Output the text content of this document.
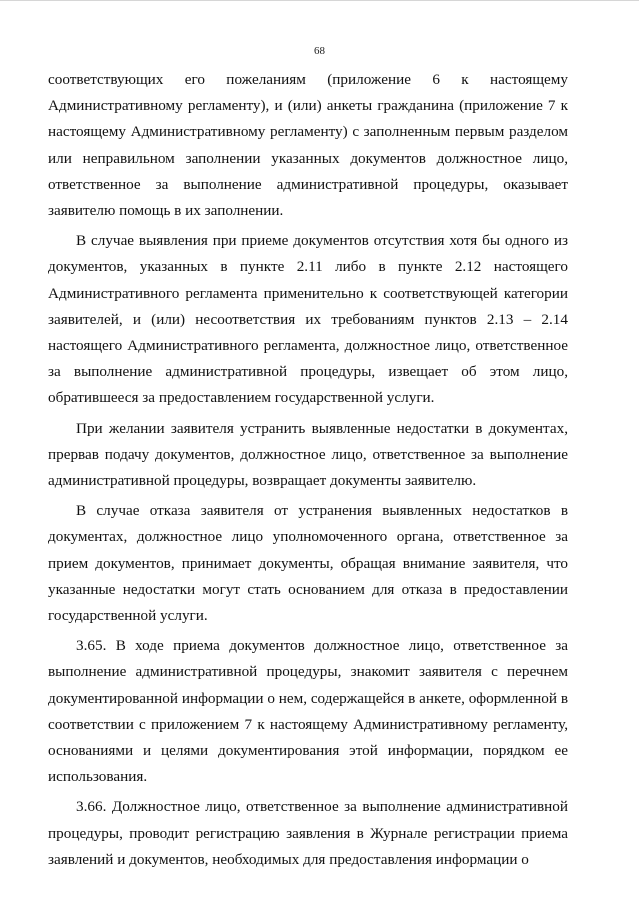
68

соответствующих его пожеланиям (приложение 6 к настоящему Административному регламенту), и (или) анкеты гражданина (приложение 7 к настоящему Административному регламенту) с заполненным первым разделом или неправильном заполнении указанных документов должностное лицо, ответственное за выполнение административной процедуры, оказывает заявителю помощь в их заполнении.

В случае выявления при приеме документов отсутствия хотя бы одного из документов, указанных в пункте 2.11 либо в пункте 2.12 настоящего Административного регламента применительно к соответствующей категории заявителей, и (или) несоответствия их требованиям пунктов 2.13 – 2.14 настоящего Административного регламента, должностное лицо, ответственное за выполнение административной процедуры, извещает об этом лицо, обратившееся за предоставлением государственной услуги.

При желании заявителя устранить выявленные недостатки в документах, прервав подачу документов, должностное лицо, ответственное за выполнение административной процедуры, возвращает документы заявителю.

В случае отказа заявителя от устранения выявленных недостатков в документах, должностное лицо уполномоченного органа, ответственное за прием документов, принимает документы, обращая внимание заявителя, что указанные недостатки могут стать основанием для отказа в предоставлении государственной услуги.

3.65. В ходе приема документов должностное лицо, ответственное за выполнение административной процедуры, знакомит заявителя с перечнем документированной информации о нем, содержащейся в анкете, оформленной в соответствии с приложением 7 к настоящему Административному регламенту, основаниями и целями документирования этой информации, порядком ее использования.

3.66. Должностное лицо, ответственное за выполнение административной процедуры, проводит регистрацию заявления в Журнале регистрации приема заявлений и документов, необходимых для предоставления информации о
